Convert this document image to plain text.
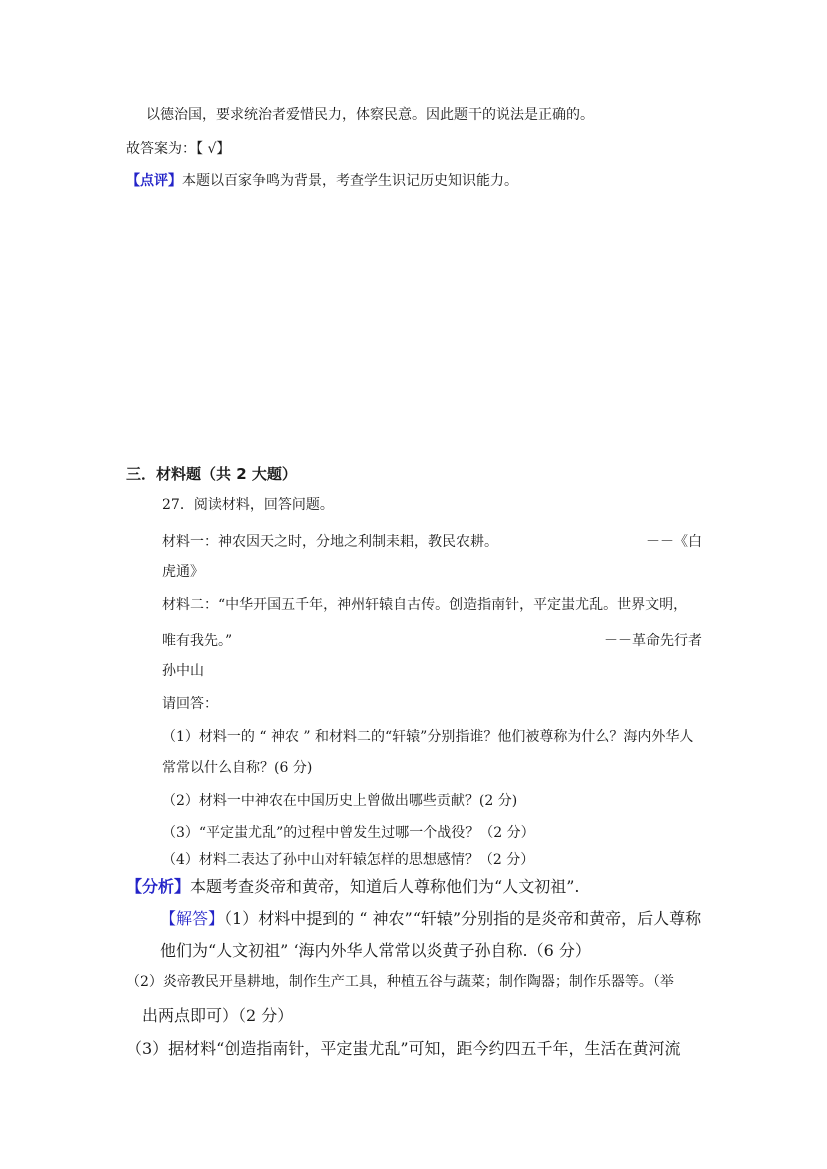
以德治国，要求统治者爱惜民力，体察民意。因此题干的说法是正确的。
故答案为：【 √】
【点评】本题以百家争鸣为背景，考查学生识记历史知识能力。
三．材料题（共 2 大题）
27．阅读材料，回答问题。
材料一：神农因天之时，分地之利制耒耜，教民农耕。	－－《白
虎通》
材料二：“中华开国五千年，神州轩辕自古传。创造指南针，平定蚩尤乱。世界文明，
唯有我先。”	－－革命先行者
孙中山
请回答：
（1）材料一的 “ 神农 ” 和材料二的“轩辕”分别指谁？他们被尊称为什么？海内外华人
常常以什么自称？(6 分)
（2）材料一中神农在中国历史上曾做出哪些贡献？(2 分)
（3）“平定蚩尤乱”的过程中曾发生过哪一个战役？（2 分）
（4）材料二表达了孙中山对轩辕怎样的思想感情？（2 分）
【分析】本题考查炎帝和黄帝，知道后人尊称他们为“人文初祖”.
【解答】（1）材料中提到的 “ 神农”“轩辕”分别指的是炎帝和黄帝，后人尊称
他们为“人文初祖” ‘海内外华人常常以炎黄子孙自称.（6 分）
（2）炎帝教民开垦耕地，制作生产工具，种植五谷与蔬菜；制作陶器；制作乐器等。（举
出两点即可）（2 分）
（3）据材料“创造指南针，平定蚩尤乱”可知，距今约四五千年，生活在黄河流
